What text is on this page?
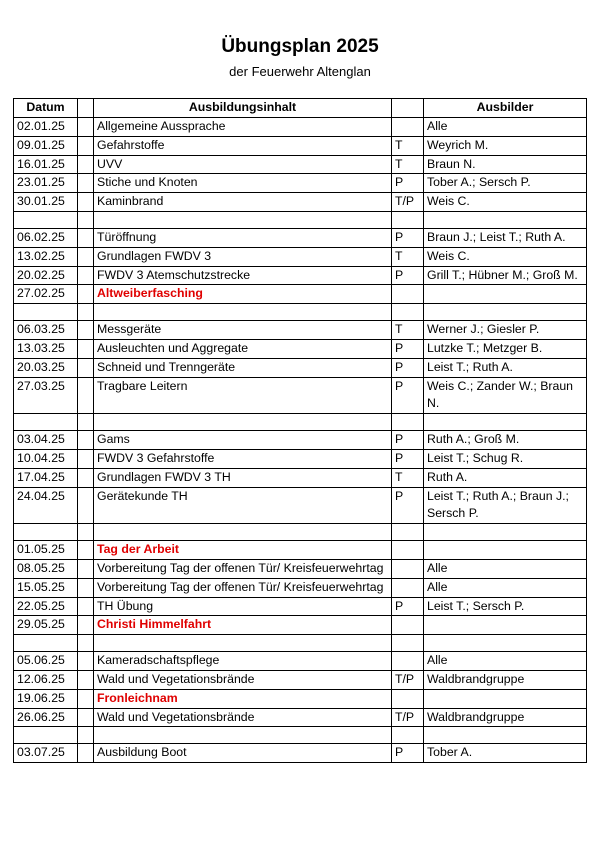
Übungsplan 2025
der Feuerwehr Altenglan
Datum		Ausbildungsinhalt		Ausbilder
02.01.25		Allgemeine Aussprache		Alle
09.01.25		Gefahrstoffe	T	Weyrich M.
16.01.25		UVV	T	Braun N.
23.01.25		Stiche und Knoten	P	Tober A.; Sersch P.
30.01.25		Kaminbrand	T/P	Weis C.

06.02.25		Türöffnung	P	Braun J.; Leist T.; Ruth A.
13.02.25		Grundlagen FWDV 3	T	Weis C.
20.02.25		FWDV 3 Atemschutzstrecke	P	Grill T.; Hübner M.; Groß M.
27.02.25		Altweiberfasching		

06.03.25		Messgeräte	T	Werner J.; Giesler P.
13.03.25		Ausleuchten und Aggregate	P	Lutzke T.; Metzger B.
20.03.25		Schneid und Trenngeräte	P	Leist T.; Ruth A.
27.03.25		Tragbare Leitern	P	Weis C.; Zander W.; Braun N.

03.04.25		Gams	P	Ruth A.; Groß M.
10.04.25		FWDV 3 Gefahrstoffe	P	Leist T.; Schug R.
17.04.25		Grundlagen FWDV 3 TH	T	Ruth A.
24.04.25		Gerätekunde TH	P	Leist T.; Ruth A.; Braun J.; Sersch P.

01.05.25		Tag der Arbeit		
08.05.25		Vorbereitung Tag der offenen Tür/ Kreisfeuerwehrtag		Alle
15.05.25		Vorbereitung Tag der offenen Tür/ Kreisfeuerwehrtag		Alle
22.05.25		TH Übung	P	Leist T.; Sersch P.
29.05.25		Christi Himmelfahrt		

05.06.25		Kameradschaftspflege		Alle
12.06.25		Wald und Vegetationsbrände	T/P	Waldbrandgruppe
19.06.25		Fronleichnam		
26.06.25		Wald und Vegetationsbrände	T/P	Waldbrandgruppe

03.07.25		Ausbildung Boot	P	Tober A.
